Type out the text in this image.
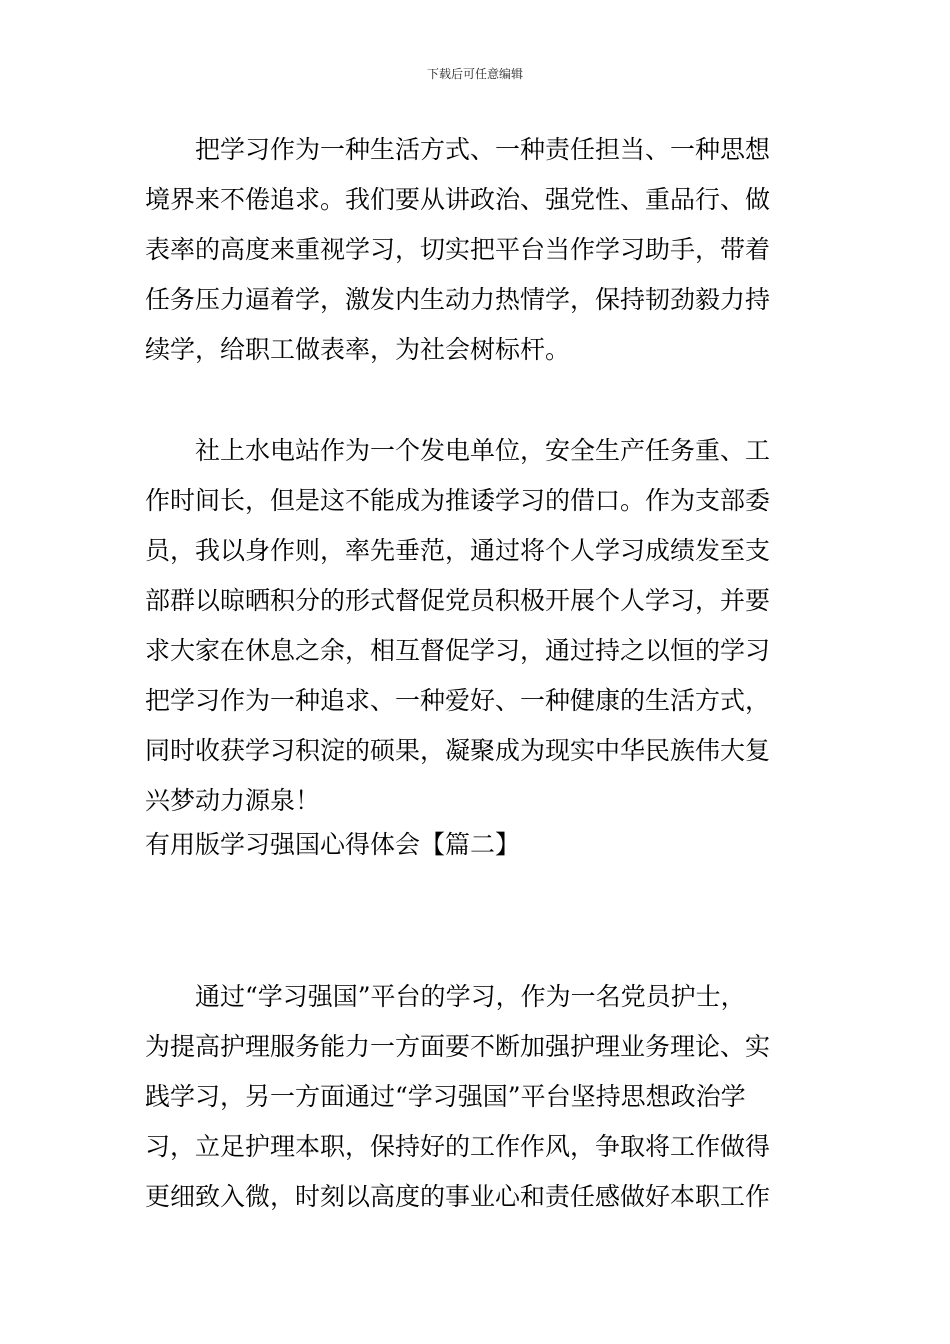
下载后可任意编辑
　　把学习作为一种生活方式、一种责任担当、一种思想
境界来不倦追求。我们要从讲政治、强党性、重品行、做
表率的高度来重视学习，切实把平台当作学习助手，带着
任务压力逼着学，激发内生动力热情学，保持韧劲毅力持
续学，给职工做表率，为社会树标杆。
　　社上水电站作为一个发电单位，安全生产任务重、工
作时间长，但是这不能成为推诿学习的借口。作为支部委
员，我以身作则，率先垂范，通过将个人学习成绩发至支
部群以晾晒积分的形式督促党员积极开展个人学习，并要
求大家在休息之余，相互督促学习，通过持之以恒的学习
把学习作为一种追求、一种爱好、一种健康的生活方式，
同时收获学习积淀的硕果，凝聚成为现实中华民族伟大复
兴梦动力源泉！
有用版学习强国心得体会【篇二】
　　通过“学习强国”平台的学习，作为一名党员护士，
为提高护理服务能力一方面要不断加强护理业务理论、实
践学习，另一方面通过“学习强国”平台坚持思想政治学
习，立足护理本职，保持好的工作作风，争取将工作做得
更细致入微，时刻以高度的事业心和责任感做好本职工作
